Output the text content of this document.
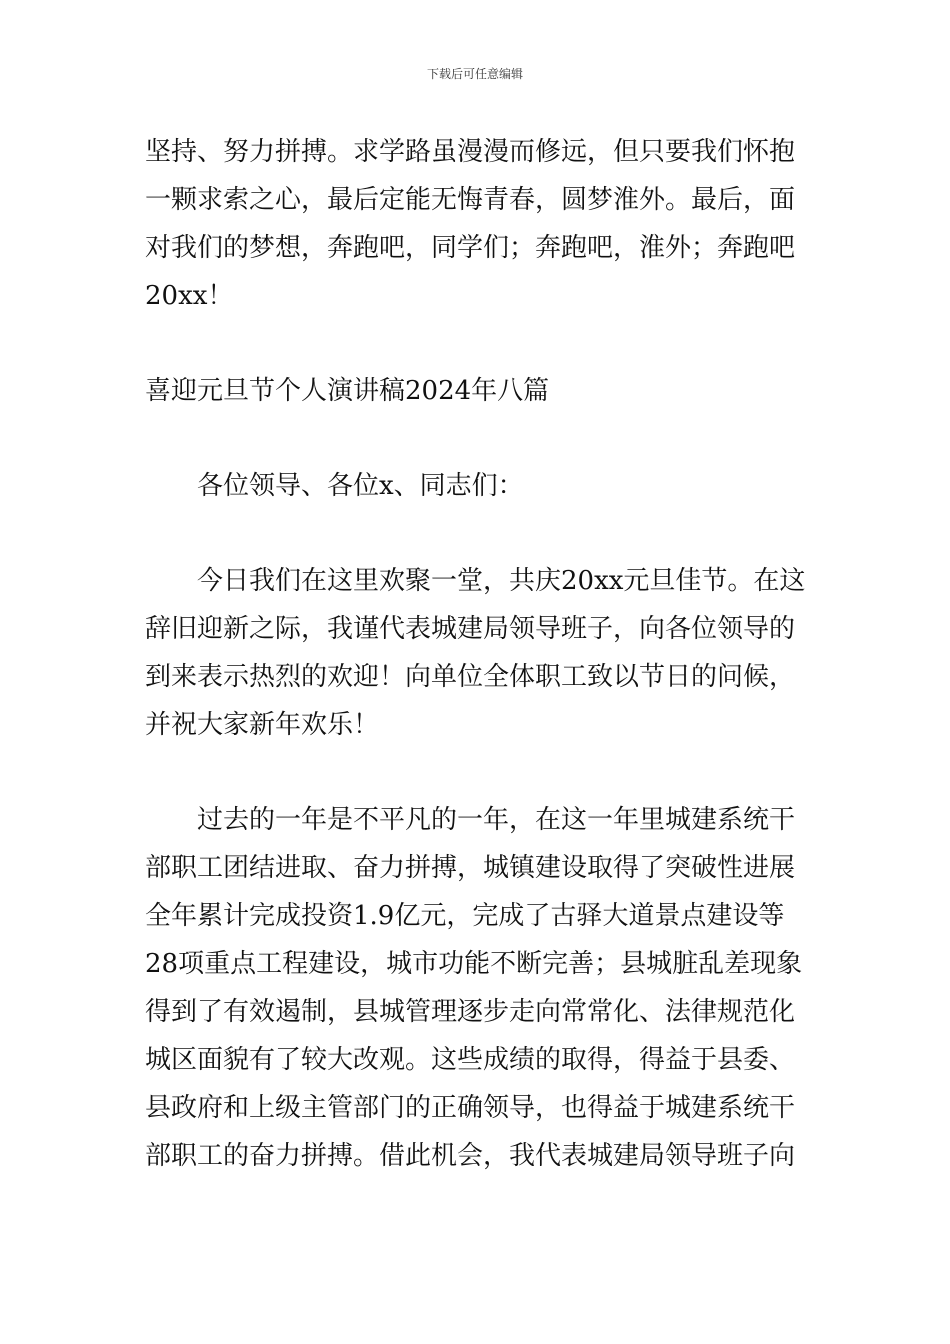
下载后可任意编辑
坚持、努力拼搏。求学路虽漫漫而修远，但只要我们怀抱
一颗求索之心，最后定能无悔青春，圆梦淮外。最后，面
对我们的梦想，奔跑吧，同学们；奔跑吧，淮外；奔跑吧
20xx！
喜迎元旦节个人演讲稿2024年八篇
各位领导、各位x、同志们：
今日我们在这里欢聚一堂，共庆20xx元旦佳节。在这
辞旧迎新之际，我谨代表城建局领导班子，向各位领导的
到来表示热烈的欢迎！向单位全体职工致以节日的问候，
并祝大家新年欢乐！
过去的一年是不平凡的一年，在这一年里城建系统干
部职工团结进取、奋力拼搏，城镇建设取得了突破性进展
全年累计完成投资1.9亿元，完成了古驿大道景点建设等
28项重点工程建设，城市功能不断完善；县城脏乱差现象
得到了有效遏制，县城管理逐步走向常常化、法律规范化
城区面貌有了较大改观。这些成绩的取得，得益于县委、
县政府和上级主管部门的正确领导，也得益于城建系统干
部职工的奋力拼搏。借此机会，我代表城建局领导班子向
